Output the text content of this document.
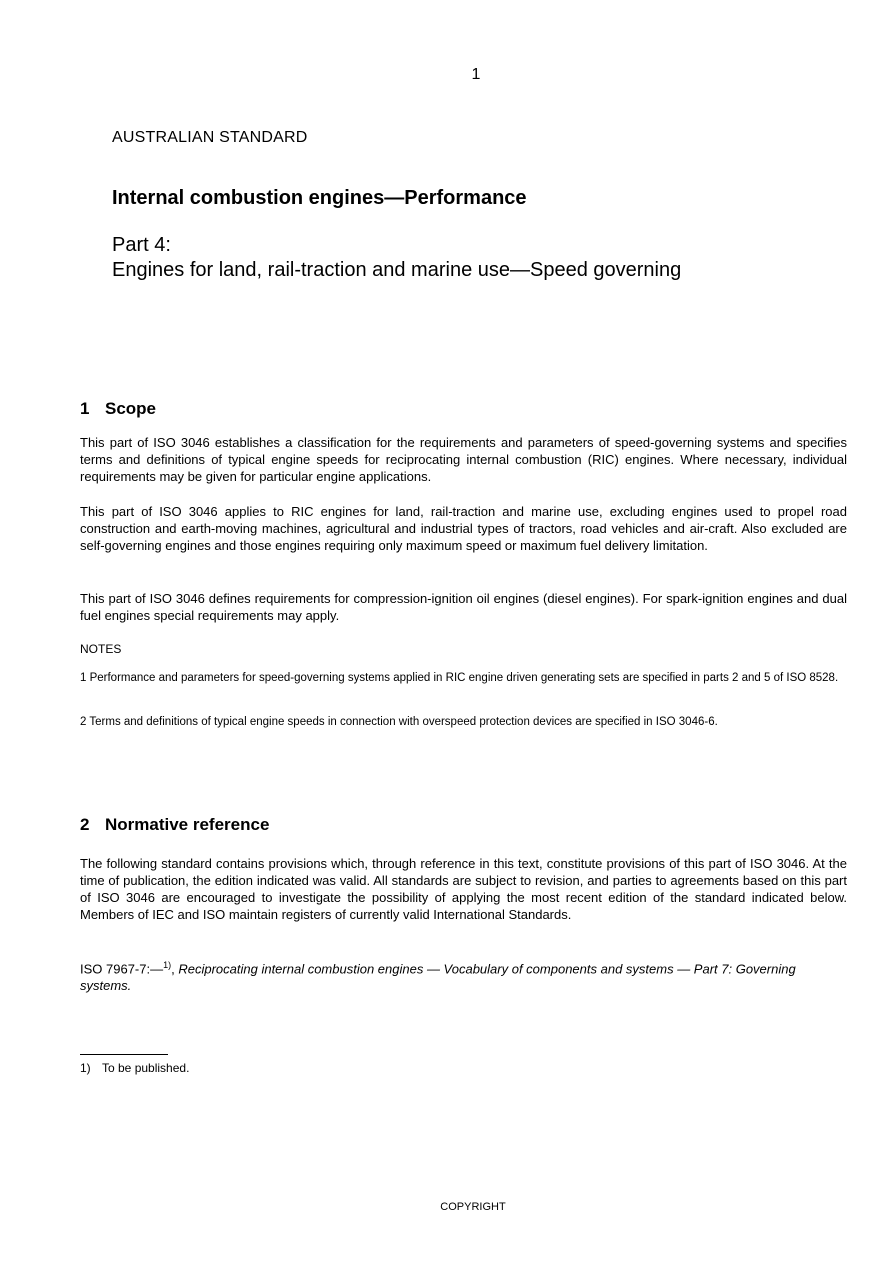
1
AUSTRALIAN STANDARD
Internal combustion engines—Performance
Part 4:
Engines for land, rail-traction and marine use—Speed governing
1 Scope

This part of ISO 3046 establishes a classification for the requirements and parameters of speed-governing systems and specifies terms and definitions of typical engine speeds for reciprocating internal combustion (RIC) engines. Where necessary, individual requirements may be given for particular engine applications.

This part of ISO 3046 applies to RIC engines for land, rail-traction and marine use, excluding engines used to propel road construction and earth-moving machines, agricultural and industrial types of tractors, road vehicles and air-craft. Also excluded are self-governing engines and those engines requiring only maximum speed or maximum fuel delivery limitation.

This part of ISO 3046 defines requirements for compression-ignition oil engines (diesel engines). For spark-ignition engines and dual fuel engines special requirements may apply.

NOTES

1 Performance and parameters for speed-governing systems applied in RIC engine driven generating sets are specified in parts 2 and 5 of ISO 8528.

2 Terms and definitions of typical engine speeds in connection with overspeed protection devices are specified in ISO 3046-6.

2 Normative reference

The following standard contains provisions which, through reference in this text, constitute provisions of this part of ISO 3046. At the time of publication, the edition indicated was valid. All standards are subject to revision, and parties to agreements based on this part of ISO 3046 are encouraged to investigate the possibility of applying the most recent edition of the standard indicated below. Members of IEC and ISO maintain registers of currently valid International Standards.

ISO 7967-7:—$^{1)}$, Reciprocating internal combustion engines — Vocabulary of components and systems — Part 7: Governing systems.

1) To be published.
COPYRIGHT
